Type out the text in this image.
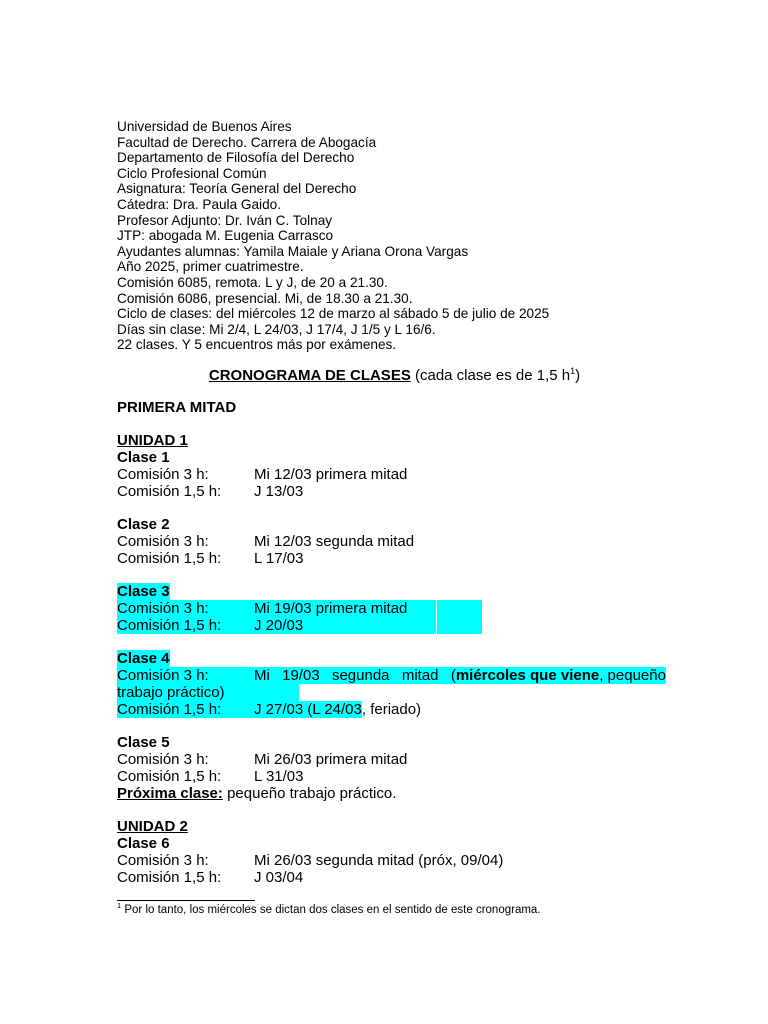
Universidad de Buenos Aires
Facultad de Derecho. Carrera de Abogacía
Departamento de Filosofía del Derecho
Ciclo Profesional Común
Asignatura: Teoría General del Derecho
Cátedra: Dra. Paula Gaido.
Profesor Adjunto: Dr. Iván C. Tolnay
JTP: abogada M. Eugenia Carrasco
Ayudantes alumnas: Yamila Maiale y Ariana Orona Vargas
Año 2025, primer cuatrimestre.
Comisión 6085, remota. L y J, de 20 a 21.30.
Comisión 6086, presencial. Mi, de 18.30 a 21.30.
Ciclo de clases: del miércoles 12 de marzo al sábado 5 de julio de 2025
Días sin clase: Mi 2/4, L 24/03, J 17/4, J 1/5 y L 16/6.
22 clases. Y 5 encuentros más por exámenes.
CRONOGRAMA DE CLASES (cada clase es de 1,5 $h^1$)
PRIMERA MITAD
UNIDAD 1
Clase 1
Comisión 3 h:	Mi 12/03 primera mitad
Comisión 1,5 h:	J 13/03
Clase 2
Comisión 3 h:	Mi 12/03 segunda mitad
Comisión 1,5 h:	L 17/03
Clase 3
Comisión 3 h:	Mi 19/03 primera mitad
Comisión 1,5 h:	J 20/03
Clase 4
Comisión 3 h:	Mi 19/03 segunda mitad (miércoles que viene, pequeño
trabajo práctico)
Comisión 1,5 h:	J 27/03 (L 24/03, feriado)
Clase 5
Comisión 3 h:	Mi 26/03 primera mitad
Comisión 1,5 h:	L 31/03
Próxima clase: pequeño trabajo práctico.
UNIDAD 2
Clase 6
Comisión 3 h:	Mi 26/03 segunda mitad (próx, 09/04)
Comisión 1,5 h:	J 03/04
$^1$ Por lo tanto, los miércoles se dictan dos clases en el sentido de este cronograma.
